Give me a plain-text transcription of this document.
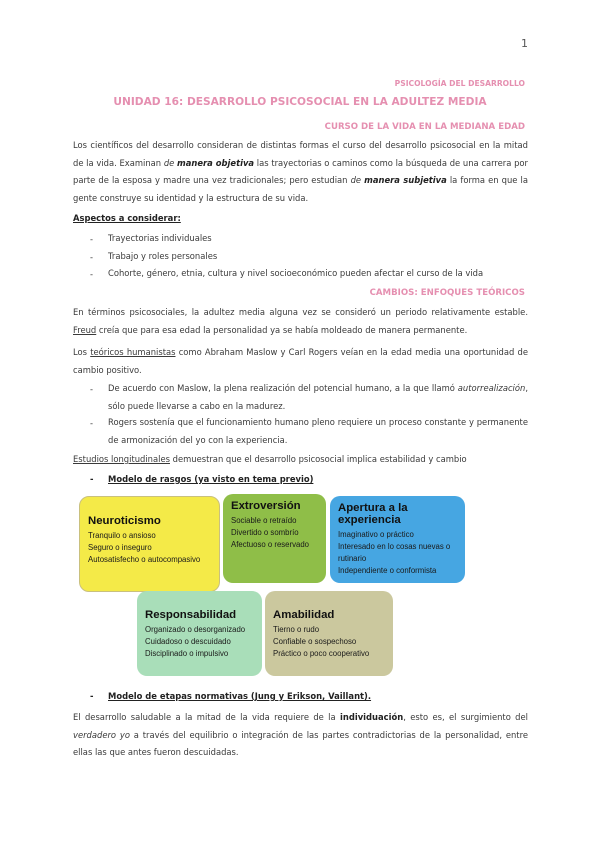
1
PSICOLOGÍA DEL DESARROLLO
UNIDAD 16: DESARROLLO PSICOSOCIAL EN LA ADULTEZ MEDIA
CURSO DE LA VIDA EN LA MEDIANA EDAD
Los científicos del desarrollo consideran de distintas formas el curso del desarrollo psicosocial en la mitad de la vida. Examinan de manera objetiva las trayectorias o caminos como la búsqueda de una carrera por parte de la esposa y madre una vez tradicionales; pero estudian de manera subjetiva la forma en que la gente construye su identidad y la estructura de su vida.
Aspectos a considerar:
- Trayectorias individuales
- Trabajo y roles personales
- Cohorte, género, etnia, cultura y nivel socioeconómico pueden afectar el curso de la vida
CAMBIOS: ENFOQUES TEÓRICOS
En términos psicosociales, la adultez media alguna vez se consideró un periodo relativamente estable. Freud creía que para esa edad la personalidad ya se había moldeado de manera permanente.
Los teóricos humanistas como Abraham Maslow y Carl Rogers veían en la edad media una oportunidad de cambio positivo.
- De acuerdo con Maslow, la plena realización del potencial humano, a la que llamó autorrealización, sólo puede llevarse a cabo en la madurez.
- Rogers sostenía que el funcionamiento humano pleno requiere un proceso constante y permanente de armonización del yo con la experiencia.
Estudios longitudinales demuestran que el desarrollo psicosocial implica estabilidad y cambio
- Modelo de rasgos (ya visto en tema previo)
Neuroticismo
Tranquilo o ansioso
Seguro o inseguro
Autosatisfecho o autocompasivo
Extroversión
Sociable o retraído
Divertido o sombrío
Afectuoso o reservado
Apertura a la experiencia
Imaginativo o práctico
Interesado en lo cosas nuevas o rutinario
Independiente o conformista
Responsabilidad
Organizado o desorganizado
Cuidadoso o descuidado
Disciplinado o impulsivo
Amabilidad
Tierno o rudo
Confiable o sospechoso
Práctico o poco cooperativo
- Modelo de etapas normativas (Jung y Erikson, Vaillant).
El desarrollo saludable a la mitad de la vida requiere de la individuación, esto es, el surgimiento del verdadero yo a través del equilibrio o integración de las partes contradictorias de la personalidad, entre ellas las que antes fueron descuidadas.
